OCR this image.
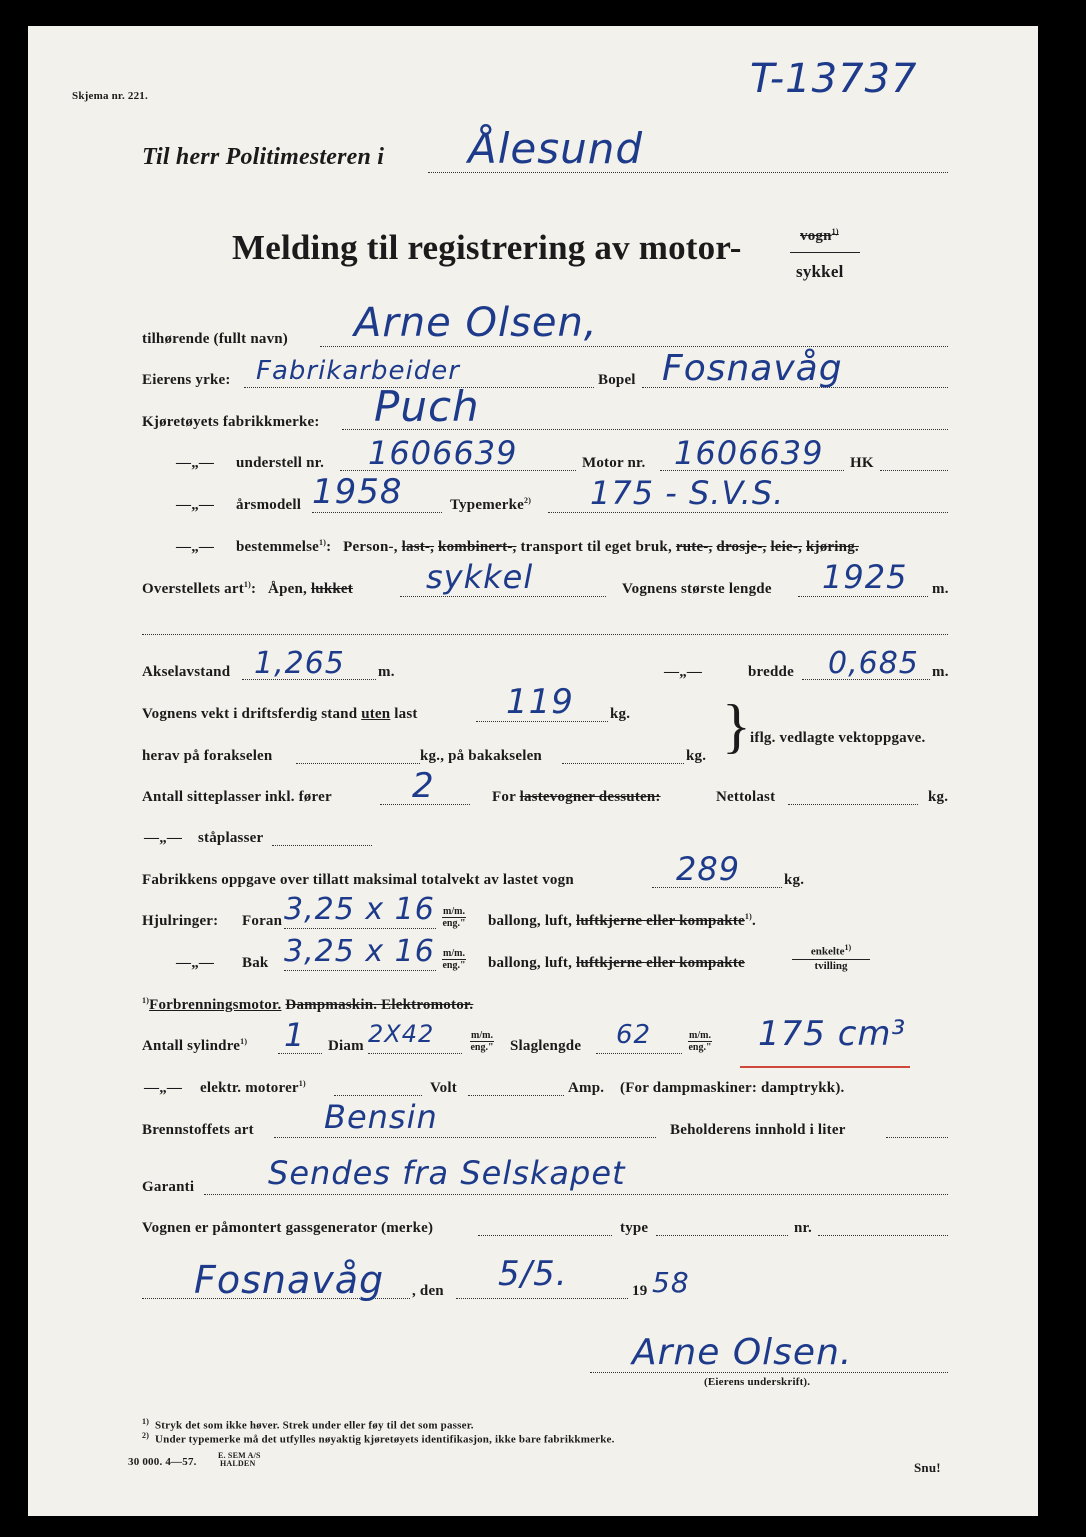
Skjema nr. 221.	T-13737
Til herr Politimesteren i Ålesund
Melding til registrering av motor-	vogn$^{1)}$
sykkel
tilhørende (fullt navn) Arne Olsen,
Eierens yrke: Fabrikarbeider	Bopel Fosnavåg
Kjøretøyets fabrikkmerke: Puch
—„— understell nr. 1606639	Motor nr. 1606639 HK
—„— årsmodell 1958	Typemerke$^{2)}$ 175 - S.V.S.
—„— bestemmelse$^{1)}$: Person-, last-, kombinert-, transport til eget bruk, rute-, drosje-, leie-, kjøring.
Overstellets art$^{1)}$: Åpen, lukket sykkel	Vognens største lengde 1925 m.
Akselavstand 1,265 m.	—„—	bredde 0,685 m.
Vognens vekt i driftsferdig stand uten last	119 kg.
herav på forakselen	kg., på bakakselen	kg. } iflg. vedlagte vektoppgave.
Antall sitteplasser inkl. fører 2	For lastevogner dessuten:	Nettolast	kg.
—„— ståplasser
Fabrikkens oppgave over tillatt maksimal totalvekt av lastet vogn	289	kg.
Hjulringer: Foran 3,25 x 16 m/m.
eng." ballong, luft, luftkjerne eller kompakte$^{1)}$.
—„— Bak 3,25 x 16 m/m.
eng." ballong, luft, luftkjerne eller kompakte
enkelte$^{1)}$
tvilling
$^{1)}$Forbrenningsmotor. Dampmaskin. Elektromotor.
Antall sylindre$^{1)}$ 1 Diam 2X42	m/m.
eng." Slaglengde 62	m/m.
eng." 175 cm³
—„— elektr. motorer$^{1)}$	Volt	Amp. (For dampmaskiner: damptrykk).
Brennstoffets art Bensin	Beholderens innhold i liter
Garanti Sendes fra Selskapet
Vognen er påmontert gassgenerator (merke)	type	nr.
Fosnavåg , den 5/5.	19 58
Arne Olsen.
(Eierens underskrift).
$^{1)}$ Stryk det som ikke høver. Strek under eller føy til det som passer.
$^{2)}$ Under typemerke må det utfylles nøyaktig kjøretøyets identifikasjon, ikke bare fabrikkmerke.
30 000. 4—57.
E. SEM A/S
HALDEN	Snu!
